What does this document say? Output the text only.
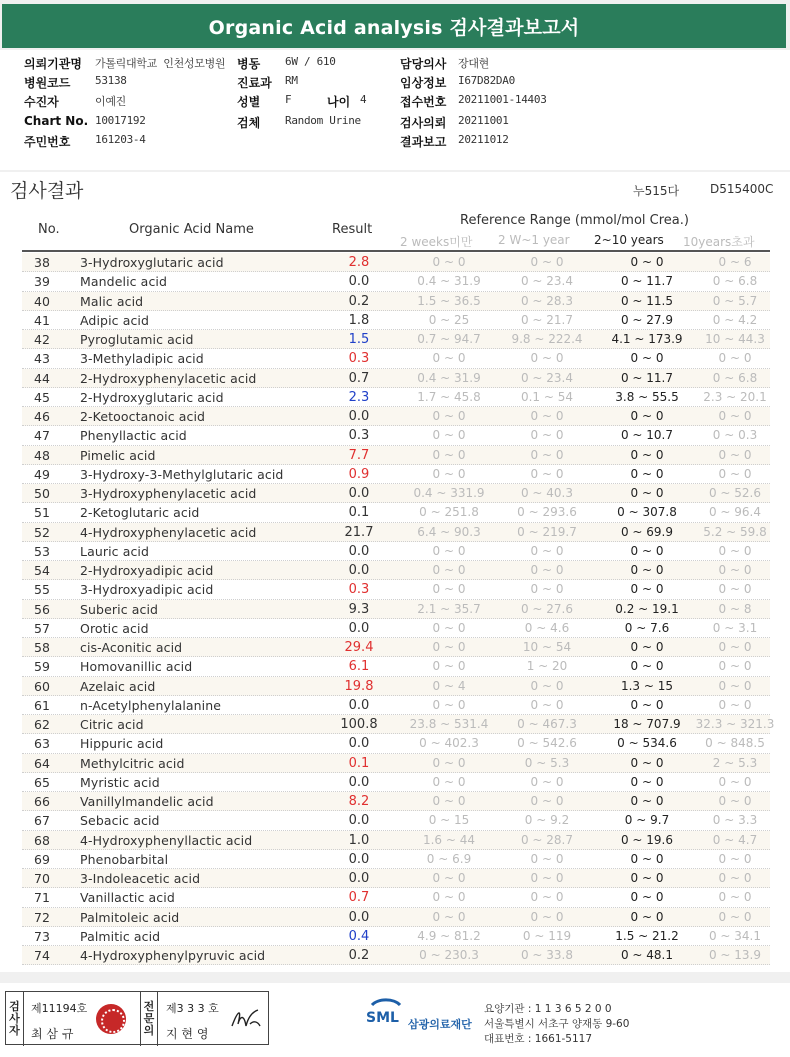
Organic Acid analysis 검사결과보고서
의뢰기관명 가톨릭대학교 인천성모병원 병동 6W / 610	담당의사 장대현
병원코드 53138	진료과 RM	임상정보 I67D82DA0
수진자	이예진	성별 F	나이 4	접수번호 20211001-14403
Chart No. 10017192	검체 Random Urine	검사의뢰 20211001
주민번호 161203-4	결과보고 20211012
검사결과	누515다	D515400C
No.	Organic Acid Name	Result
Reference Range (mmol/mol Crea.)
2 weeks미만 2 W~1 year 2~10 years 10years초과
38	3-Hydroxyglutaric acid	2.8	0 ~ 0	0 ~ 0	0 ~ 0	0 ~ 6
39	Mandelic acid	0.0	0.4 ~ 31.9	0 ~ 23.4	0 ~ 11.7	0 ~ 6.8
40	Malic acid	0.2	1.5 ~ 36.5	0 ~ 28.3	0 ~ 11.5	0 ~ 5.7
41	Adipic acid	1.8	0 ~ 25	0 ~ 21.7	0 ~ 27.9	0 ~ 4.2
42	Pyroglutamic acid	1.5	0.7 ~ 94.7	9.8 ~ 222.4	4.1 ~ 173.9	10 ~ 44.3
43	3-Methyladipic acid	0.3	0 ~ 0	0 ~ 0	0 ~ 0	0 ~ 0
44	2-Hydroxyphenylacetic acid	0.7	0.4 ~ 31.9	0 ~ 23.4	0 ~ 11.7	0 ~ 6.8
45	2-Hydroxyglutaric acid	2.3	1.7 ~ 45.8	0.1 ~ 54	3.8 ~ 55.5	2.3 ~ 20.1
46	2-Ketooctanoic acid	0.0	0 ~ 0	0 ~ 0	0 ~ 0	0 ~ 0
47	Phenyllactic acid	0.3	0 ~ 0	0 ~ 0	0 ~ 10.7	0 ~ 0.3
48	Pimelic acid	7.7	0 ~ 0	0 ~ 0	0 ~ 0	0 ~ 0
49	3-Hydroxy-3-Methylglutaric acid	0.9	0 ~ 0	0 ~ 0	0 ~ 0	0 ~ 0
50	3-Hydroxyphenylacetic acid	0.0	0.4 ~ 331.9	0 ~ 40.3	0 ~ 0	0 ~ 52.6
51	2-Ketoglutaric acid	0.1	0 ~ 251.8	0 ~ 293.6	0 ~ 307.8	0 ~ 96.4
52	4-Hydroxyphenylacetic acid	21.7	6.4 ~ 90.3	0 ~ 219.7	0 ~ 69.9	5.2 ~ 59.8
53	Lauric acid	0.0	0 ~ 0	0 ~ 0	0 ~ 0	0 ~ 0
54	2-Hydroxyadipic acid	0.0	0 ~ 0	0 ~ 0	0 ~ 0	0 ~ 0
55	3-Hydroxyadipic acid	0.3	0 ~ 0	0 ~ 0	0 ~ 0	0 ~ 0
56	Suberic acid	9.3	2.1 ~ 35.7	0 ~ 27.6	0.2 ~ 19.1	0 ~ 8
57	Orotic acid	0.0	0 ~ 0	0 ~ 4.6	0 ~ 7.6	0 ~ 3.1
58	cis-Aconitic acid	29.4	0 ~ 0	10 ~ 54	0 ~ 0	0 ~ 0
59	Homovanillic acid	6.1	0 ~ 0	1 ~ 20	0 ~ 0	0 ~ 0
60	Azelaic acid	19.8	0 ~ 4	0 ~ 0	1.3 ~ 15	0 ~ 0
61	n-Acetylphenylalanine	0.0	0 ~ 0	0 ~ 0	0 ~ 0	0 ~ 0
62	Citric acid	100.8	23.8 ~ 531.4	0 ~ 467.3	18 ~ 707.9	32.3 ~ 321.3
63	Hippuric acid	0.0	0 ~ 402.3	0 ~ 542.6	0 ~ 534.6	0 ~ 848.5
64	Methylcitric acid	0.1	0 ~ 0	0 ~ 5.3	0 ~ 0	2 ~ 5.3
65	Myristic acid	0.0	0 ~ 0	0 ~ 0	0 ~ 0	0 ~ 0
66	Vanillylmandelic acid	8.2	0 ~ 0	0 ~ 0	0 ~ 0	0 ~ 0
67	Sebacic acid	0.0	0 ~ 15	0 ~ 9.2	0 ~ 9.7	0 ~ 3.3
68	4-Hydroxyphenyllactic acid	1.0	1.6 ~ 44	0 ~ 28.7	0 ~ 19.6	0 ~ 4.7
69	Phenobarbital	0.0	0 ~ 6.9	0 ~ 0	0 ~ 0	0 ~ 0
70	3-Indoleacetic acid	0.0	0 ~ 0	0 ~ 0	0 ~ 0	0 ~ 0
71	Vanillactic acid	0.7	0 ~ 0	0 ~ 0	0 ~ 0	0 ~ 0
72	Palmitoleic acid	0.0	0 ~ 0	0 ~ 0	0 ~ 0	0 ~ 0
73	Palmitic acid	0.4	4.9 ~ 81.2	0 ~ 119	1.5 ~ 21.2	0 ~ 34.1
74	4-Hydroxyphenylpyruvic acid	0.2	0 ~ 230.3	0 ~ 33.8	0 ~ 48.1	0 ~ 13.9
검
사
자
제11194호
최 삼 규
전
문
의
제3 3 3 호
지 현 영
SML 삼광의료재단
요양기관 : 1 1 3 6 5 2 0 0
서울특별시 서초구 양재동 9-60
대표번호 : 1661-5117
